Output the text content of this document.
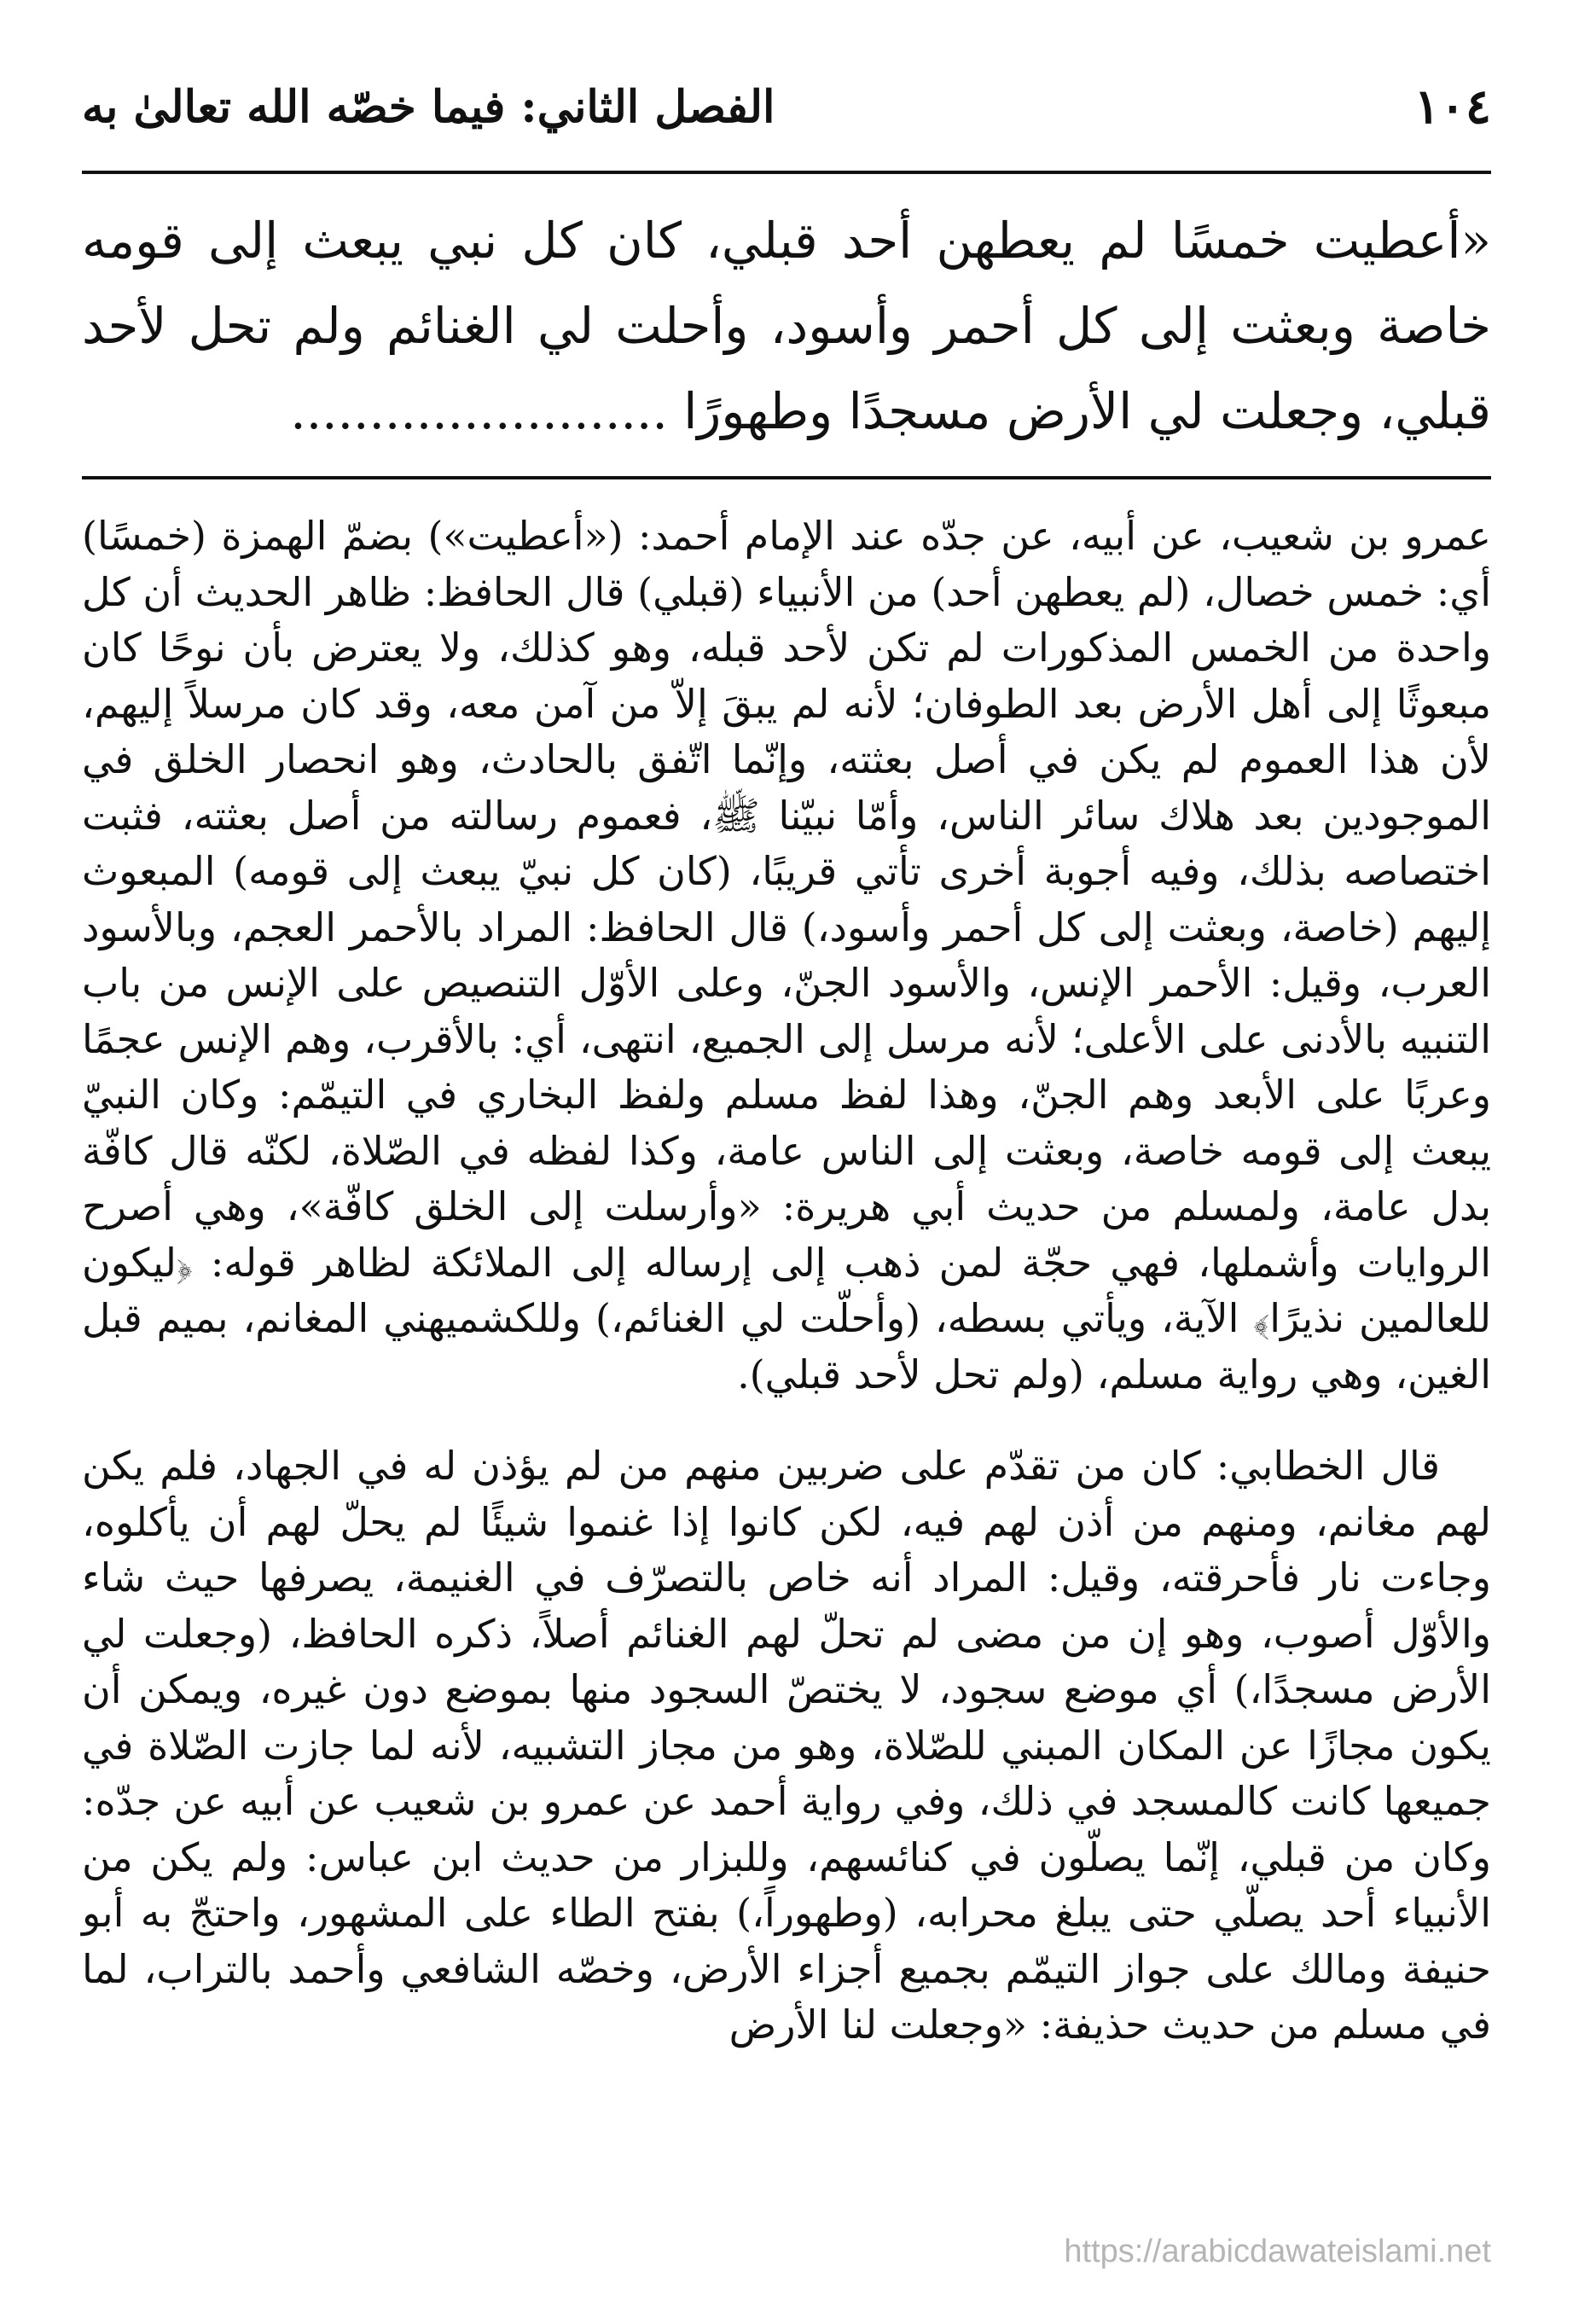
١٠٤
الفصل الثاني: فيما خصّه الله تعالىٰ به
«أعطيت خمسًا لم يعطهن أحد قبلي، كان كل نبي يبعث إلى قومه خاصة وبعثت إلى كل أحمر وأسود، وأحلت لي الغنائم ولم تحل لأحد قبلي، وجعلت لي الأرض مسجدًا وطهورًا ........................

عمرو بن شعيب، عن أبيه، عن جدّه عند الإمام أحمد: («أعطيت») بضمّ الهمزة (خمسًا) أي: خمس خصال، (لم يعطهن أحد) من الأنبياء (قبلي) قال الحافظ: ظاهر الحديث أن كل واحدة من الخمس المذكورات لم تكن لأحد قبله، وهو كذلك، ولا يعترض بأن نوحًا كان مبعوثًا إلى أهل الأرض بعد الطوفان؛ لأنه لم يبقَ إلاّ من آمن معه، وقد كان مرسلاً إليهم، لأن هذا العموم لم يكن في أصل بعثته، وإنّما اتّفق بالحادث، وهو انحصار الخلق في الموجودين بعد هلاك سائر الناس، وأمّا نبيّنا ﷺ، فعموم رسالته من أصل بعثته، فثبت اختصاصه بذلك، وفيه أجوبة أخرى تأتي قريبًا، (كان كل نبيّ يبعث إلى قومه) المبعوث إليهم (خاصة، وبعثت إلى كل أحمر وأسود،) قال الحافظ: المراد بالأحمر العجم، وبالأسود العرب، وقيل: الأحمر الإنس، والأسود الجنّ، وعلى الأوّل التنصيص على الإنس من باب التنبيه بالأدنى على الأعلى؛ لأنه مرسل إلى الجميع، انتهى، أي: بالأقرب، وهم الإنس عجمًا وعربًا على الأبعد وهم الجنّ، وهذا لفظ مسلم ولفظ البخاري في التيمّم: وكان النبيّ يبعث إلى قومه خاصة، وبعثت إلى الناس عامة، وكذا لفظه في الصّلاة، لكنّه قال كافّة بدل عامة، ولمسلم من حديث أبي هريرة: «وأرسلت إلى الخلق كافّة»، وهي أصرح الروايات وأشملها، فهي حجّة لمن ذهب إلى إرساله إلى الملائكة لظاهر قوله: ﴿ليكون للعالمين نذيرًا﴾ الآية، ويأتي بسطه، (وأحلّت لي الغنائم،) وللكشميهني المغانم، بميم قبل الغين، وهي رواية مسلم، (ولم تحل لأحد قبلي).

قال الخطابي: كان من تقدّم على ضربين منهم من لم يؤذن له في الجهاد، فلم يكن لهم مغانم، ومنهم من أذن لهم فيه، لكن كانوا إذا غنموا شيئًا لم يحلّ لهم أن يأكلوه، وجاءت نار فأحرقته، وقيل: المراد أنه خاص بالتصرّف في الغنيمة، يصرفها حيث شاء والأوّل أصوب، وهو إن من مضى لم تحلّ لهم الغنائم أصلاً، ذكره الحافظ، (وجعلت لي الأرض مسجدًا،) أي موضع سجود، لا يختصّ السجود منها بموضع دون غيره، ويمكن أن يكون مجازًا عن المكان المبني للصّلاة، وهو من مجاز التشبيه، لأنه لما جازت الصّلاة في جميعها كانت كالمسجد في ذلك، وفي رواية أحمد عن عمرو بن شعيب عن أبيه عن جدّه: وكان من قبلي، إنّما يصلّون في كنائسهم، وللبزار من حديث ابن عباس: ولم يكن من الأنبياء أحد يصلّي حتى يبلغ محرابه، (وطهوراً،) بفتح الطاء على المشهور، واحتجّ به أبو حنيفة ومالك على جواز التيمّم بجميع أجزاء الأرض، وخصّه الشافعي وأحمد بالتراب، لما في مسلم من حديث حذيفة: «وجعلت لنا الأرض

https://arabicdawateislami.net
